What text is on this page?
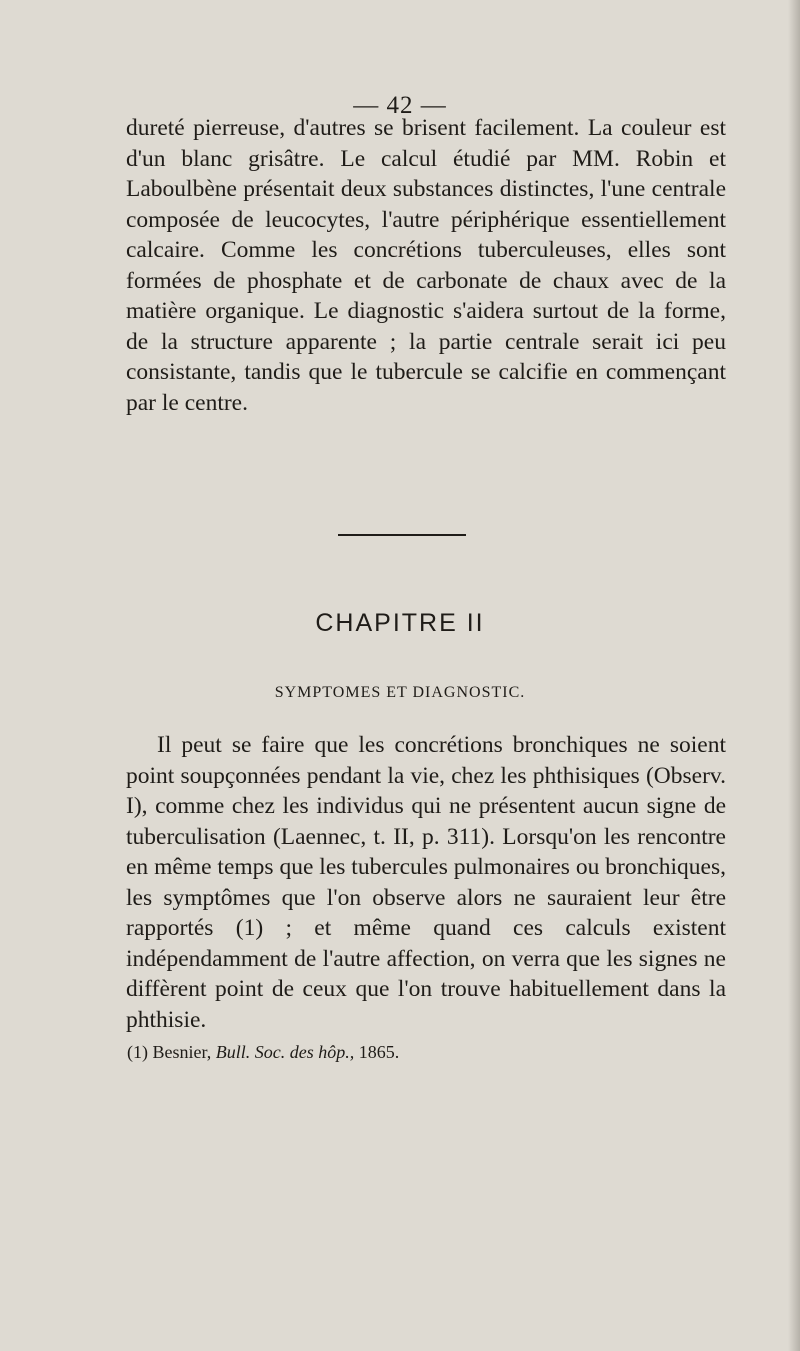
— 42 —

dureté pierreuse, d'autres se brisent facilement. La couleur est d'un blanc grisâtre. Le calcul étudié par MM. Robin et Laboulbène présentait deux substances distinctes, l'une centrale composée de leucocytes, l'autre périphérique essentiellement calcaire. Comme les concrétions tuberculeuses, elles sont formées de phosphate et de carbonate de chaux avec de la matière organique. Le diagnostic s'aidera surtout de la forme, de la structure apparente ; la partie centrale serait ici peu consistante, tandis que le tubercule se calcifie en commençant par le centre.

CHAPITRE II
SYMPTOMES ET DIAGNOSTIC.

Il peut se faire que les concrétions bronchiques ne soient point soupçonnées pendant la vie, chez les phthisiques (Observ. I), comme chez les individus qui ne présentent aucun signe de tuberculisation (Laennec, t. II, p. 311). Lorsqu'on les rencontre en même temps que les tubercules pulmonaires ou bronchiques, les symptômes que l'on observe alors ne sauraient leur être rapportés (1) ; et même quand ces calculs existent indépendamment de l'autre affection, on verra que les signes ne diffèrent point de ceux que l'on trouve habituellement dans la phthisie.

(1) Besnier, Bull. Soc. des hôp., 1865.
